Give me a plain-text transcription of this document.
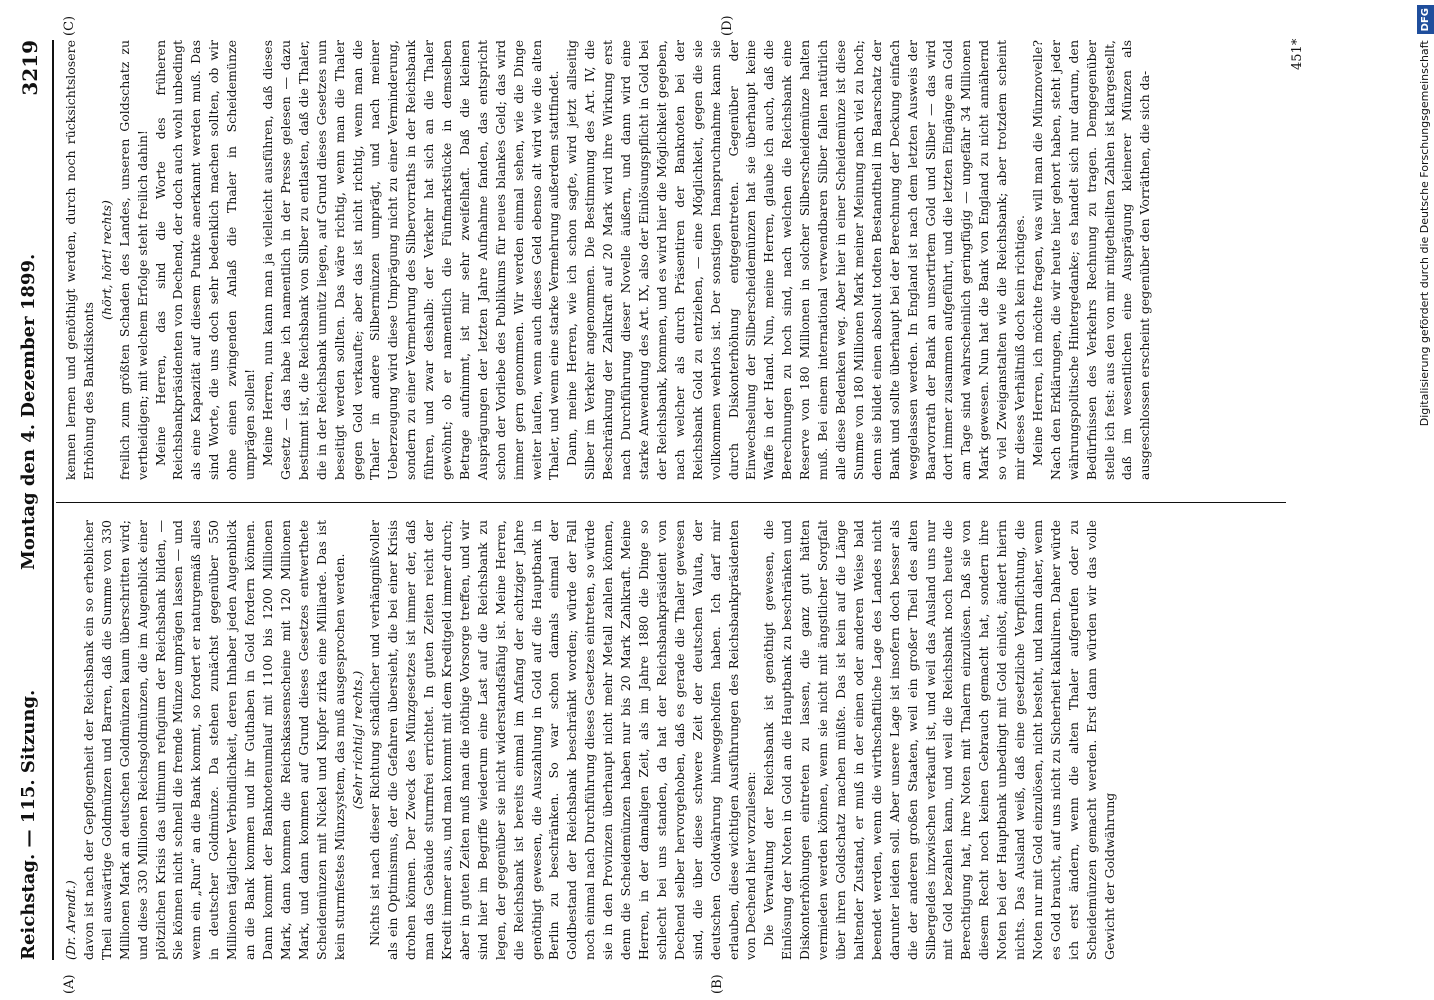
Reichstag. — 115. Sitzung.
Montag den 4. Dezember 1899.
3219
(A)	(B)
(C)	(D)

(Dr. Arendt.) davon ist nach der Gepflogenheit der Reichsbank ein so erheblicher Theil auswärtige Goldmünzen und Barren, daß die Summe von 330 Millionen Mark an deutschen Goldmünzen kaum überschritten wird; und diese 330 Millionen Reichsgoldmünzen, die im Augenblick einer plötzlichen Krisis das ultimum refugium der Reichsbank bilden, — Sie können nicht schnell die fremde Münze umprägen lassen — und wenn ein „Run“ an die Bank kommt, so fordert er naturgemäß alles in deutscher Goldmünze. Da stehen zunächst gegenüber 550 Millionen täglicher Verbindlichkeit, deren Inhaber jeden Augenblick an die Bank kommen und ihr Guthaben in Gold fordern können. Dann kommt der Banknotenumlauf mit 1100 bis 1200 Millionen Mark, dann kommen die Reichskassenscheine mit 120 Millionen Mark, und dann kommen auf Grund dieses Gesetzes entwerthete Scheidemünzen mit Nickel und Kupfer zirka eine Milliarde. Das ist kein sturmfestes Münzsystem, das muß ausgesprochen werden. (Sehr richtig! rechts.) Nichts ist nach dieser Richtung schädlicher und verhängnißvoller als ein Optimismus, der die Gefahren übersieht, die bei einer Krisis drohen können. Der Zweck des Münzgesetzes ist immer der, daß man das Gebäude sturmfrei errichtet. In guten Zeiten reicht der Kredit immer aus, und man kommt mit dem Kreditgeld immer durch; aber in guten Zeiten muß man die nöthige Vorsorge treffen, und wir sind hier im Begriffe wiederum eine Last auf die Reichsbank zu legen, der gegenüber sie nicht widerstandsfähig ist. Meine Herren, die Reichsbank ist bereits einmal im Anfang der achtziger Jahre genöthigt gewesen, die Auszahlung in Gold auf die Hauptbank in Berlin zu beschränken. So war schon damals einmal der Goldbestand der Reichsbank beschränkt worden; würde der Fall noch einmal nach Durchführung dieses Gesetzes eintreten, so würde sie in den Provinzen überhaupt nicht mehr Metall zahlen können, denn die Scheidemünzen haben nur bis 20 Mark Zahlkraft. Meine Herren, in der damaligen Zeit, als im Jahre 1880 die Dinge so schlecht bei uns standen, da hat der Reichsbankpräsident von Dechend selber hervorgehoben, daß es gerade die Thaler gewesen sind, die über diese schwere Zeit der deutschen Valuta, der deutschen Goldwährung hinweggeholfen haben. Ich darf mir erlauben, diese wichtigen Ausführungen des Reichsbankpräsidenten von Dechend hier vorzulesen: Die Verwaltung der Reichsbank ist genöthigt gewesen, die Einlösung der Noten in Gold an die Hauptbank zu beschränken und Diskonterhöhungen eintreten zu lassen, die ganz gut hätten vermieden werden können, wenn sie nicht mit ängstlicher Sorgfalt über ihren Goldschatz machen müßte. Das ist kein auf die Länge haltender Zustand, er muß in der einen oder anderen Weise bald beendet werden, wenn die wirthschaftliche Lage des Landes nicht darunter leiden soll. Aber unsere Lage ist insofern doch besser als die der anderen großen Staaten, weil ein großer Theil des alten Silbergeldes inzwischen verkauft ist, und weil das Ausland uns nur mit Gold bezahlen kann, und weil die Reichsbank noch heute die Berechtigung hat, ihre Noten mit Thalern einzulösen. Daß sie von diesem Recht noch keinen Gebrauch gemacht hat, sondern ihre Noten bei der Hauptbank unbedingt mit Gold einlöst, ändert hierin nichts. Das Ausland weiß, daß eine gesetzliche Verpflichtung, die Noten nur mit Gold einzulösen, nicht besteht, und kann daher, wenn es Gold braucht, auf uns nicht zu Sicherheit kalkuliren. Daher würde ich erst ändern, wenn die alten Thaler aufgerufen oder zu Scheidemünzen gemacht werden. Erst dann würden wir das volle Gewicht der Goldwährung

kennen lernen und genöthigt werden, durch noch rücksichtslosere Erhöhung des Bankdiskonts

(hört, hört! rechts) freilich zum größten Schaden des Landes, unseren Goldschatz zu vertheidigen; mit welchem Erfolge steht freilich dahin! Meine Herren, das sind die Worte des früheren Reichsbankpräsidenten von Dechend, der doch auch wohl unbedingt als eine Kapazität auf diesem Punkte anerkannt werden muß. Das sind Worte, die uns doch sehr bedenklich machen sollten, ob wir ohne einen zwingenden Anlaß die Thaler in Scheidemünze umprägen sollen! Meine Herren, nun kann man ja vielleicht ausführen, daß dieses Gesetz — das habe ich namentlich in der Presse gelesen — dazu bestimmt ist, die Reichsbank von Silber zu entlasten, daß die Thaler, die in der Reichsbank unnütz liegen, auf Grund dieses Gesetzes nun beseitigt werden sollten. Das wäre richtig, wenn man die Thaler gegen Gold verkaufte; aber das ist nicht richtig, wenn man die Thaler in andere Silbermünzen umprägt, und nach meiner Ueberzeugung wird diese Umprägung nicht zu einer Verminderung, sondern zu einer Vermehrung des Silbervorraths in der Reichsbank führen, und zwar deshalb: der Verkehr hat sich an die Thaler gewöhnt; ob er namentlich die Fünfmarkstücke in demselben Betrage aufnimmt, ist mir sehr zweifelhaft. Daß die kleinen Ausprägungen der letzten Jahre Aufnahme fanden, das entspricht schon der Vorliebe des Publikums für neues blankes Geld; das wird immer gern genommen. Wir werden einmal sehen, wie die Dinge weiter laufen, wenn auch dieses Geld ebenso alt wird wie die alten Thaler, und wenn eine starke Vermehrung außerdem stattfindet. Dann, meine Herren, wie ich schon sagte, wird jetzt allseitig Silber im Verkehr angenommen. Die Bestimmung des Art. IV, die Beschränkung der Zahlkraft auf 20 Mark wird ihre Wirkung erst nach Durchführung dieser Novelle äußern, und dann wird eine starke Anwendung des Art. IX, also der Einlösungspflicht in Gold bei der Reichsbank, kommen, und es wird hier die Möglichkeit gegeben, nach welcher als durch Präsentiren der Banknoten bei der Reichsbank Gold zu entziehen, — eine Möglichkeit, gegen die sie vollkommen wehrlos ist. Der sonstigen Inanspruchnahme kann sie durch Diskonterhöhung entgegentreten. Gegenüber der Einwechselung der Silberscheidemünzen hat sie überhaupt keine Waffe in der Hand. Nun, meine Herren, glaube ich auch, daß die Berechnungen zu hoch sind, nach welchen die Reichsbank eine Reserve von 180 Millionen in solcher Silberscheidemünze halten muß. Bei einem international verwendbaren Silber fallen natürlich alle diese Bedenken weg. Aber hier in einer Scheidemünze ist diese Summe von 180 Millionen Mark meiner Meinung nach viel zu hoch; denn sie bildet einen absolut todten Bestandtheil im Baarschatz der Bank und sollte überhaupt bei der Berechnung der Deckung einfach weggelassen werden. In England ist nach dem letzten Ausweis der Baarvorrath der Bank an unsortirtem Gold und Silber — das wird dort immer zusammen aufgeführt, und die letzten Eingänge an Gold am Tage sind wahrscheinlich geringfügig — ungefähr 34 Millionen Mark gewesen. Nun hat die Bank von England zu nicht annähernd so viel Zweiganstalten wie die Reichsbank; aber trotzdem scheint mir dieses Verhältniß doch kein richtiges. Meine Herren, ich möchte fragen, was will man die Münznovelle? Nach den Erklärungen, die wir heute hier gehort haben, steht jeder währungspolitische Hintergedanke; es handelt sich nur darum, den Bedürfnissen des Verkehrs Rechnung zu tragen. Demgegenüber stelle ich fest: aus den von mir mitgetheilten Zahlen ist klargestellt, daß im wesentlichen eine Ausprägung kleinerer Münzen als ausgeschlossen erscheint gegenüber den Vorräthen, die sich da-

451*	Digitalisierung gefördert durch die Deutsche ForschungsgemeinschaftDFG
